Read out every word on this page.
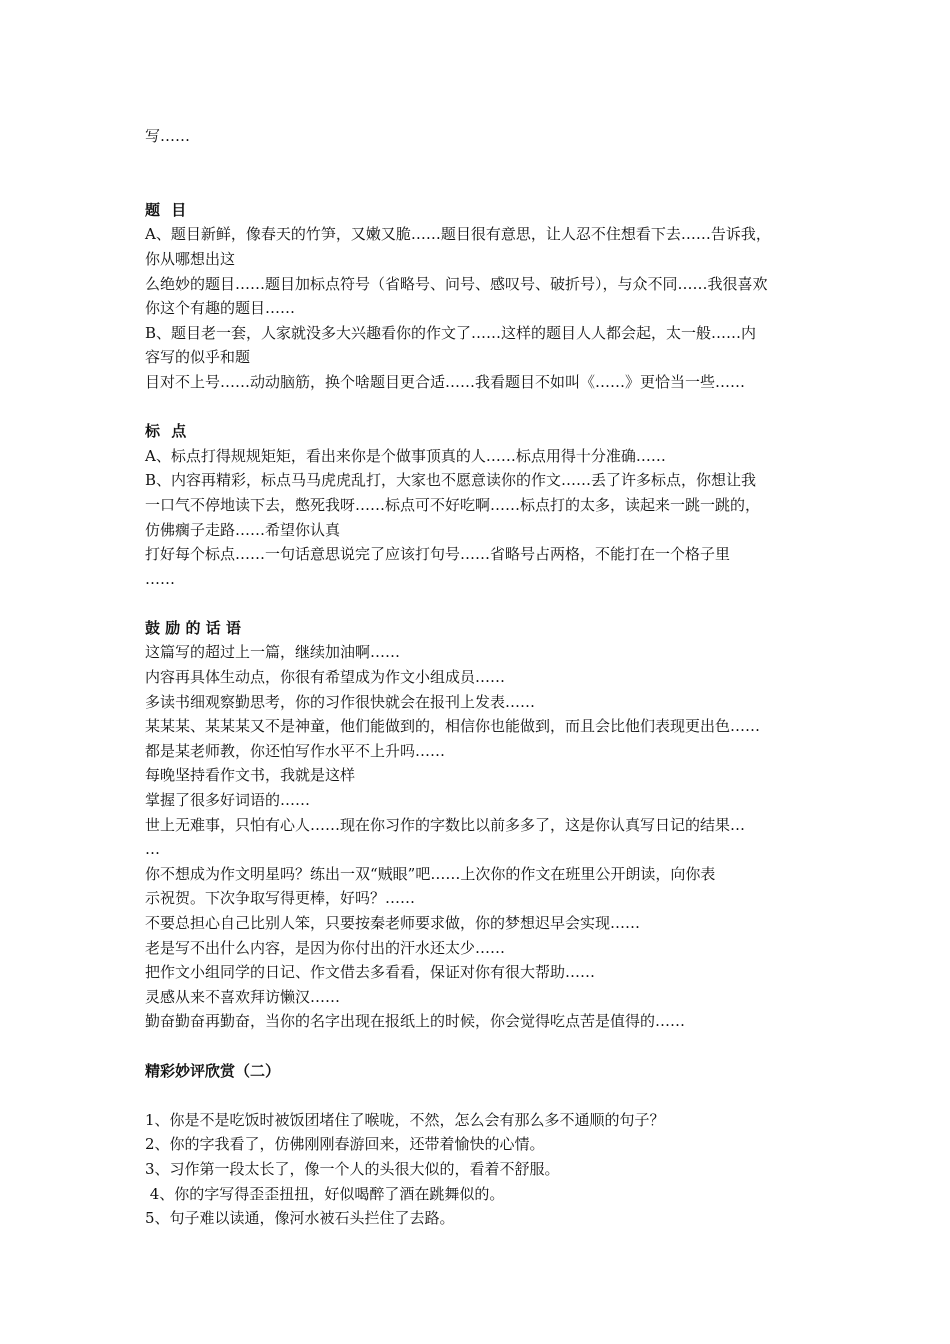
写……
题 目
A、题目新鲜，像春天的竹笋，又嫩又脆……题目很有意思，让人忍不住想看下去……告诉我，
你从哪想出这
么绝妙的题目……题目加标点符号（省略号、问号、感叹号、破折号），与众不同……我很喜欢
你这个有趣的题目……
B、题目老一套，人家就没多大兴趣看你的作文了……这样的题目人人都会起，太一般……内
容写的似乎和题
目对不上号……动动脑筋，换个啥题目更合适……我看题目不如叫《……》更恰当一些……
标 点
A、标点打得规规矩矩，看出来你是个做事顶真的人……标点用得十分准确……
B、内容再精彩，标点马马虎虎乱打，大家也不愿意读你的作文……丢了许多标点，你想让我
一口气不停地读下去，憋死我呀……标点可不好吃啊……标点打的太多，读起来一跳一跳的，
仿佛瘸子走路……希望你认真
打好每个标点……一句话意思说完了应该打句号……省略号占两格，不能打在一个格子里
……
鼓 励 的 话 语
这篇写的超过上一篇，继续加油啊……
内容再具体生动点，你很有希望成为作文小组成员……
多读书细观察勤思考，你的习作很快就会在报刊上发表……
某某某、某某某又不是神童，他们能做到的，相信你也能做到，而且会比他们表现更出色……
都是某老师教，你还怕写作水平不上升吗……
每晚坚持看作文书，我就是这样
掌握了很多好词语的……
世上无难事，只怕有心人……现在你习作的字数比以前多多了，这是你认真写日记的结果…
…
你不想成为作文明星吗？练出一双“贼眼”吧……上次你的作文在班里公开朗读，向你表
示祝贺。下次争取写得更棒，好吗？……
不要总担心自己比别人笨，只要按秦老师要求做，你的梦想迟早会实现……
老是写不出什么内容，是因为你付出的汗水还太少……
把作文小组同学的日记、作文借去多看看，保证对你有很大帮助……
灵感从来不喜欢拜访懒汉……
勤奋勤奋再勤奋，当你的名字出现在报纸上的时候，你会觉得吃点苦是值得的……
精彩妙评欣赏（二）
1、你是不是吃饭时被饭团堵住了喉咙，不然，怎么会有那么多不通顺的句子？
2、你的字我看了，仿佛刚刚春游回来，还带着愉快的心情。
3、习作第一段太长了，像一个人的头很大似的，看着不舒服。
4、你的字写得歪歪扭扭，好似喝醉了酒在跳舞似的。
5、句子难以读通，像河水被石头拦住了去路。
